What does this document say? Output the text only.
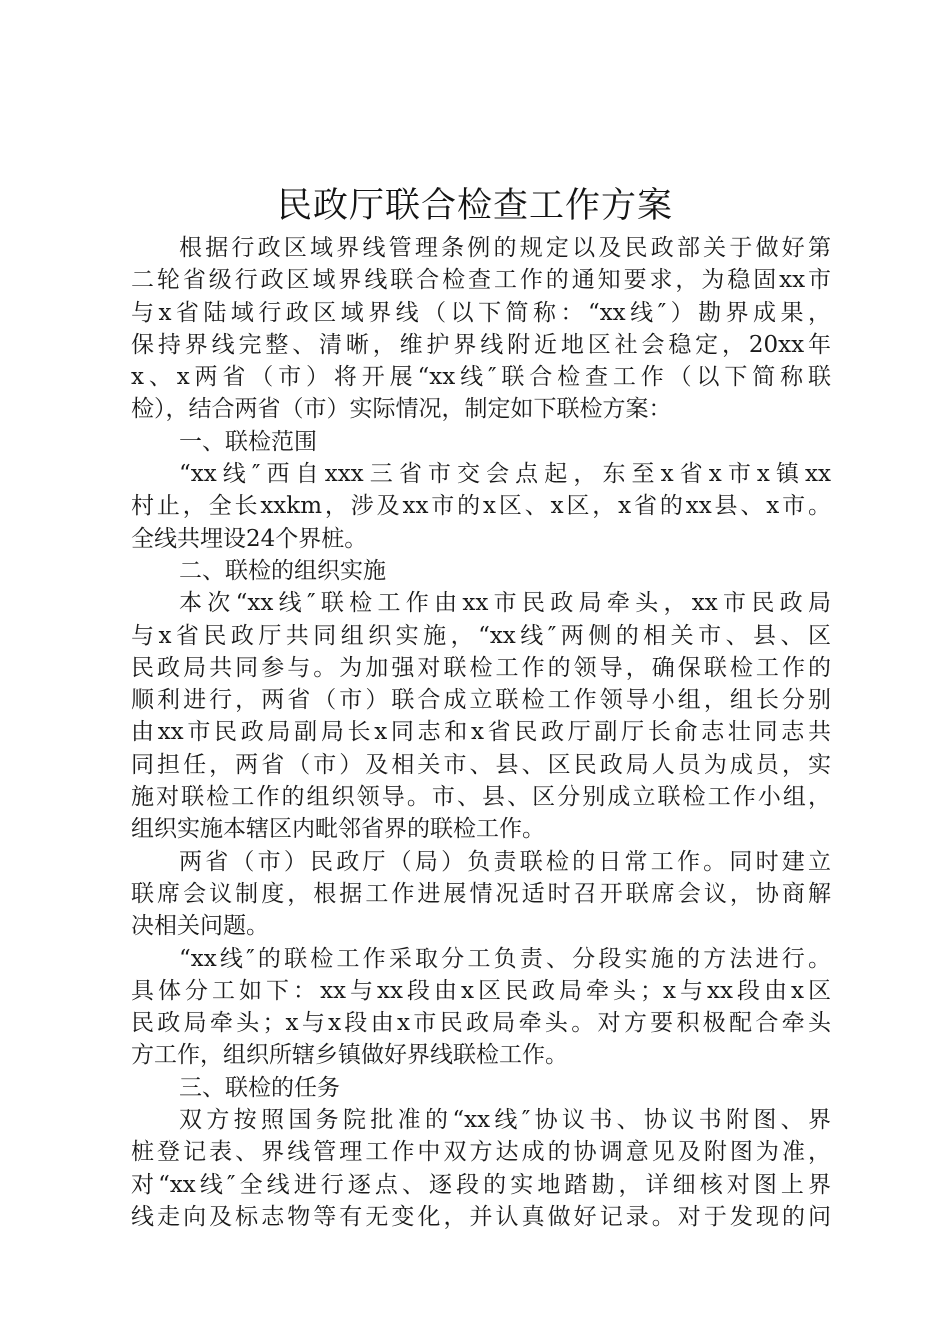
民政厅联合检查工作方案
根据行政区域界线管理条例的规定以及民政部关于做好第
二轮省级行政区域界线联合检查工作的通知要求，为稳固xx市
与x省陆域行政区域界线（以下简称：“xx线″）勘界成果，
保持界线完整、清晰，维护界线附近地区社会稳定，20xx年
x、x两省（市）将开展“xx线″联合检查工作（以下简称联
检），结合两省（市）实际情况，制定如下联检方案：
一、联检范围
“xx线″西自xxx三省市交会点起，东至x省x市x镇xx
村止，全长xxkm，涉及xx市的x区、x区，x省的xx县、x市。
全线共埋设24个界桩。
二、联检的组织实施
本次“xx线″联检工作由xx市民政局牵头，xx市民政局
与x省民政厅共同组织实施，“xx线″两侧的相关市、县、区
民政局共同参与。为加强对联检工作的领导，确保联检工作的
顺利进行，两省（市）联合成立联检工作领导小组，组长分别
由xx市民政局副局长x同志和x省民政厅副厅长俞志壮同志共
同担任，两省（市）及相关市、县、区民政局人员为成员，实
施对联检工作的组织领导。市、县、区分别成立联检工作小组，
组织实施本辖区内毗邻省界的联检工作。
两省（市）民政厅（局）负责联检的日常工作。同时建立
联席会议制度，根据工作进展情况适时召开联席会议，协商解
决相关问题。
“xx线″的联检工作采取分工负责、分段实施的方法进行。
具体分工如下：xx与xx段由x区民政局牵头；x与xx段由x区
民政局牵头；x与x段由x市民政局牵头。对方要积极配合牵头
方工作，组织所辖乡镇做好界线联检工作。
三、联检的任务
双方按照国务院批准的“xx线″协议书、协议书附图、界
桩登记表、界线管理工作中双方达成的协调意见及附图为准，
对“xx线″全线进行逐点、逐段的实地踏勘，详细核对图上界
线走向及标志物等有无变化，并认真做好记录。对于发现的问
